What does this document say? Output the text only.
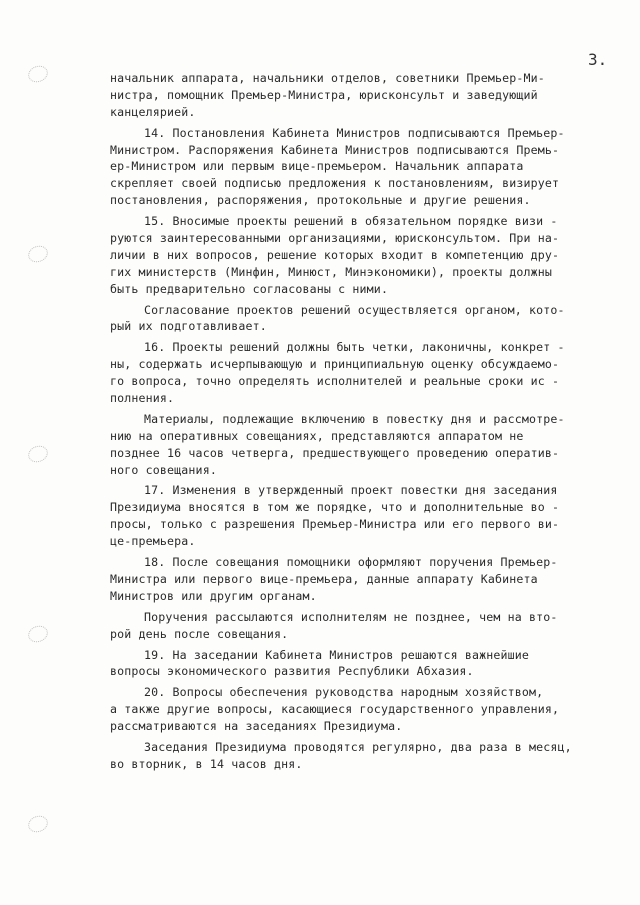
3.
начальник аппарата, начальники отделов, советники Премьер-Ми-
нистра, помощник Премьер-Министра, юрисконсульт и заведующий
канцелярией.
14. Постановления Кабинета Министров подписываются Премьер-
Министром. Распоряжения Кабинета Министров подписываются Премь-
ер-Министром или первым вице-премьером. Начальник аппарата
скрепляет своей подписью предложения к постановлениям, визирует
постановления, распоряжения, протокольные и другие решения.
15. Вносимые проекты решений в обязательном порядке визи -
руются заинтересованными организациями, юрисконсультом. При на-
личии в них вопросов, решение которых входит в компетенцию дру-
гих министерств (Минфин, Минюст, Минэкономики), проекты должны
быть предварительно согласованы с ними.
Согласование проектов решений осуществляется органом, кото-
рый их подготавливает.
16. Проекты решений должны быть четки, лаконичны, конкрет -
ны, содержать исчерпывающую и принципиальную оценку обсуждаемо-
го вопроса, точно определять исполнителей и реальные сроки ис -
полнения.
Материалы, подлежащие включению в повестку дня и рассмотре-
нию на оперативных совещаниях, представляются аппаратом не
позднее 16 часов четверга, предшествующего проведению оператив-
ного совещания.
17. Изменения в утвержденный проект повестки дня заседания
Президиума вносятся в том же порядке, что и дополнительные во -
просы, только с разрешения Премьер-Министра или его первого ви-
це-премьера.
18. После совещания помощники оформляют поручения Премьер-
Министра или первого вице-премьера, данные аппарату Кабинета
Министров или другим органам.
Поручения рассылаются исполнителям не позднее, чем на вто-
рой день после совещания.
19. На заседании Кабинета Министров решаются важнейшие
вопросы экономического развития Республики Абхазия.
20. Вопросы обеспечения руководства народным хозяйством,
а также другие вопросы, касающиеся государственного управления,
рассматриваются на заседаниях Президиума.
Заседания Президиума проводятся регулярно, два раза в месяц,
во вторник, в 14 часов дня.
